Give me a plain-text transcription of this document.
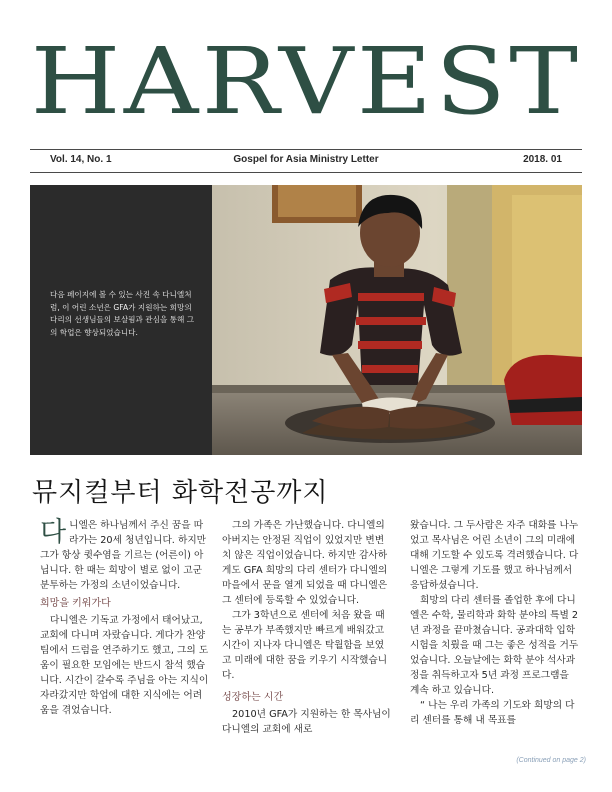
HARVEST
Vol. 14, No. 1	Gospel for Asia Ministry Letter	2018. 01
다음 페이지에 볼 수 있는 사진 속 다니엘처럼, 이 어린 소년은 GFA가 지원하는 희망의 다리의 선생님들의 보살핌과 관심을 통해 그의 학업은 향상되었습니다.
뮤지컬부터 화학전공까지

다니엘은 하나님께서 주신 꿈을 따라가는 20세 청년입니다. 하지만 그가 항상 큇수염을 기르는 (어른이) 아닙니다. 한 때는 희망이 별로 없이 고군분투하는 가정의 소년이었습니다.

희망을 키워가다

다니엘은 기독교 가정에서 태어났고, 교회에 다니며 자랐습니다. 게다가 찬양팀에서 드럼을 연주하기도 했고, 그의 도움이 필요한 모임에는 반드시 참석 했습니다. 시간이 갈수록 주님을 아는 지식이 자라갔지만 학업에 대한 지식에는 어려움을 겪었습니다.

그의 가족은 가난했습니다. 다니엘의 아버지는 안정된 직업이 있었지만 변변치 않은 직업이었습니다. 하지만 감사하게도 GFA 희망의 다리 센터가 다니엘의 마을에서 문을 열게 되었을 때 다니엘은 그 센터에 등록할 수 있었습니다.

그가 3학년으로 센터에 처음 왔을 때는 공부가 부족했지만 빠르게 배워갔고 시간이 지나자 다니엘은 탁월함을 보였고 미래에 대한 꿈을 키우기 시작했습니다.

성장하는 시간

2010년 GFA가 지원하는 한 목사님이 다니엘의 교회에 새로

왔습니다. 그 두사람은 자주 대화를 나누었고 목사님은 어린 소년이 그의 미래에 대해 기도할 수 있도록 격려했습니다. 다니엘은 그렇게 기도를 했고 하나님께서 응답하셨습니다.

희망의 다리 센터를 졸업한 후에 다니엘은 수학, 물리학과 화학 분야의 특별 2년 과정을 끝마쳤습니다. 공과대학 입학 시험을 치뤘을 때 그는 좋은 성적을 거두었습니다. 오늘날에는 화학 분야 석사과정을 취득하고자 5년 과정 프로그램을 계속 하고 있습니다.

“ 나는 우리 가족의 기도와 희망의 다리 센터를 통해 내 목표를

(Continued on page 2)
